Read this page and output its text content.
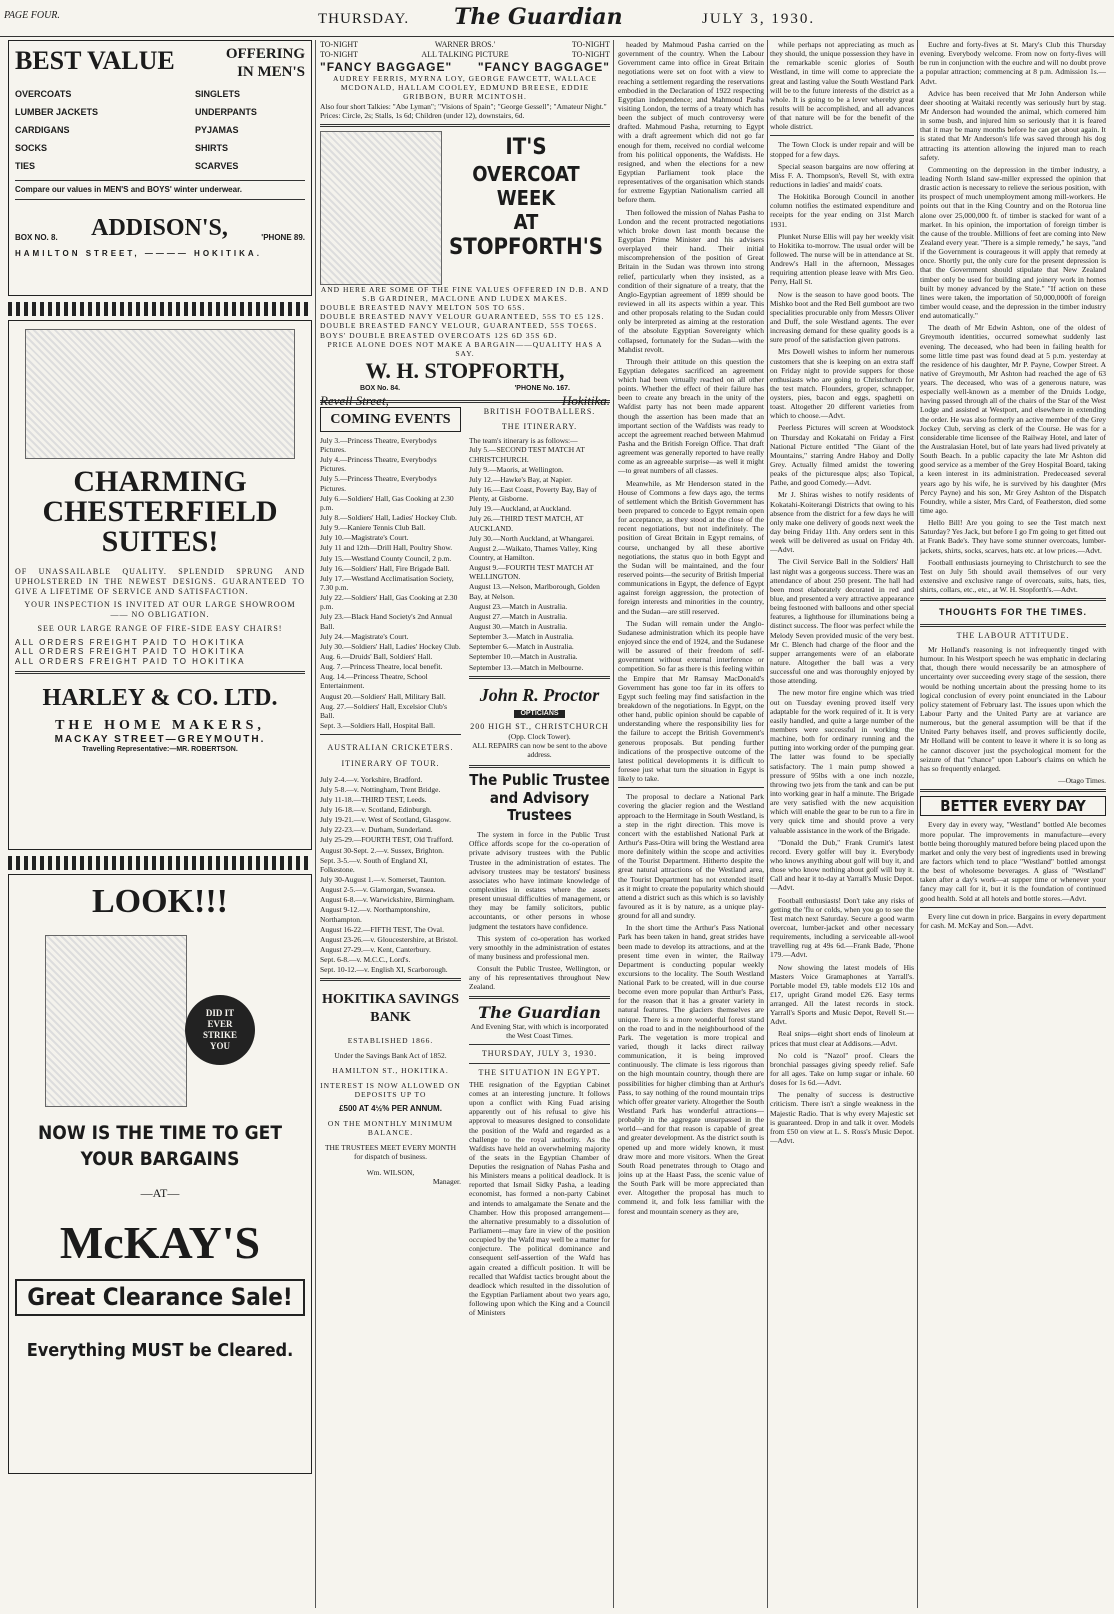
PAGE FOUR.	THURSDAY. The Guardian	JULY 3, 1930.
BEST VALUE	OFFERING IN MEN'S
OVERCOATS
LUMBER JACKETS
CARDIGANS
SOCKS
TIES
SINGLETS
UNDERPANTS
PYJAMAS
SHIRTS
SCARVES
Compare our values in MEN'S and BOYS' winter underwear.
BOX NO. 8. ADDISON'S,	'PHONE 89.
HAMILTON STREET, ———— HOKITIKA.
CHARMING
CHESTERFIELD
SUITES!

OF UNASSAILABLE QUALITY. SPLENDID SPRUNG AND UPHOLSTERED IN THE NEWEST DESIGNS. GUARANTEED TO GIVE A LIFETIME OF SERVICE AND SATISFACTION.

YOUR INSPECTION IS INVITED AT OUR LARGE SHOWROOM —— NO OBLIGATION.

SEE OUR LARGE RANGE OF FIRE-SIDE EASY CHAIRS!

ALL ORDERS FREIGHT PAID TO HOKITIKA
ALL ORDERS FREIGHT PAID TO HOKITIKA
ALL ORDERS FREIGHT PAID TO HOKITIKA
HARLEY & CO. LTD.
THE HOME MAKERS,
MACKAY STREET—GREYMOUTH.
Travelling Representative:—MR. ROBERTSON.
LOOK!!!
DID IT EVER STRIKE YOU
NOW IS THE TIME TO GET YOUR BARGAINS
—AT—
McKAY'S
Great Clearance Sale!
Everything MUST be Cleared.
TO-NIGHT
TO-NIGHT
WARNER BROS.'
ALL TALKING PICTURE
TO-NIGHT
TO-NIGHT
"FANCY BAGGAGE" "FANCY BAGGAGE"
AUDREY FERRIS, MYRNA LOY, GEORGE FAWCETT, WALLACE MCDONALD, HALLAM COOLEY, EDMUND BREESE, EDDIE GRIBBON, BURR MCINTOSH.
Also four short Talkies: "Abe Lyman"; "Visions of Spain"; "George Gessell"; "Amateur Night."
Prices: Circle, 2s; Stalls, 1s 6d; Children (under 12), downstairs, 6d.
IT'S
OVERCOAT WEEK
AT
STOPFORTH'S
AND HERE ARE SOME OF THE FINE VALUES OFFERED IN D.B. AND S.B GARDINER, MACLONE AND LUDEX MAKES.
DOUBLE BREASTED NAVY MELTON 50S TO 65S.
DOUBLE BREASTED NAVY VELOUR GUARANTEED, 55S TO £5 12S.
DOUBLE BREASTED FANCY VELOUR, GUARANTEED, 55S TO£6S.
BOYS' DOUBLE BREASTED OVERCOATS 12S 6D 35S 6D.
PRICE ALONE DOES NOT MAKE A BARGAIN——QUALITY HAS A SAY.
W. H. STOPFORTH,
BOX No. 84.	'PHONE No. 167.
Revell Street,	Hokitika.
COMING EVENTS
July 3.—Princess Theatre, Everybodys Pictures.
July 4.—Princess Theatre, Everybodys Pictures.
July 5.—Princess Theatre, Everybodys Pictures.
July 6.—Soldiers' Hall, Gas Cooking at 2.30 p.m.
July 8.—Soldiers' Hall, Ladies' Hockey Club.
July 9.—Kaniere Tennis Club Ball.
July 10.—Magistrate's Court.
July 11 and 12th—Drill Hall, Poultry Show.
July 15.—Westland County Council, 2 p.m.
July 16.—Soldiers' Hall, Fire Brigade Ball.
July 17.—Westland Acclimatisation Society, 7.30 p.m.
July 22.—Soldiers' Hall, Gas Cooking at 2.30 p.m.
July 23.—Black Hand Society's 2nd Annual Ball.
July 24.—Magistrate's Court.
July 30.—Soldiers' Hall, Ladies' Hockey Club.
Aug. 6.—Druids' Ball, Soldiers' Hall.
Aug. 7.—Princess Theatre, local benefit.
Aug. 14.—Princess Theatre, School Entertainment.
August 20.—Soldiers' Hall, Military Ball.
Aug. 27.—Soldiers' Hall, Excelsior Club's Ball.
Sept. 3.—Soldiers Hall, Hospital Ball.
AUSTRALIAN CRICKETERS.
ITINERARY OF TOUR.
July 2-4.—v. Yorkshire, Bradford.
July 5-8.—v. Nottingham, Trent Bridge.
July 11-18.—THIRD TEST, Leeds.
July 16-18.—v. Scotland, Edinburgh.
July 19-21.—v. West of Scotland, Glasgow.
July 22-23.—v. Durham, Sunderland.
July 25-29.—FOURTH TEST, Old Trafford.
August 30-Sept. 2.—v. Sussex, Brighton.
Sept. 3-5.—v. South of England XI, Folkestone.
July 30-August 1.—v. Somerset, Taunton.
August 2-5.—v. Glamorgan, Swansea.
August 6-8.—v. Warwickshire, Birmingham.
August 9-12.—v. Northamptonshire, Northampton.
August 16-22.—FIFTH TEST, The Oval.
August 23-26.—v. Gloucestershire, at Bristol.
August 27-29.—v. Kent, Canterbury.
Sept. 6-8.—v. M.C.C., Lord's.
Sept. 10-12.—v. English XI, Scarborough.
HOKITIKA SAVINGS BANK
ESTABLISHED 1866.
Under the Savings Bank Act of 1852.
HAMILTON ST., HOKITIKA.
INTEREST IS NOW ALLOWED ON DEPOSITS UP TO
£500 AT 4½% PER ANNUM.
ON THE MONTHLY MINIMUM BALANCE.
THE TRUSTEES MEET EVERY MONTH for dispatch of business.
Wm. WILSON,
Manager.
BRITISH FOOTBALLERS.
THE ITINERARY.
The team's itinerary is as follows:—
July 5.—SECOND TEST MATCH AT CHRISTCHURCH.
July 9.—Maoris, at Wellington.
July 12.—Hawke's Bay, at Napier.
July 16.—East Coast, Poverty Bay, Bay of Plenty, at Gisborne.
July 19.—Auckland, at Auckland.
July 26.—THIRD TEST MATCH, AT AUCKLAND.
July 30.—North Auckland, at Whangarei.
August 2.—Waikato, Thames Valley, King Country, at Hamilton.
August 9.—FOURTH TEST MATCH AT WELLINGTON.
August 13.—Nelson, Marlborough, Golden Bay, at Nelson.
August 23.—Match in Australia.
August 27.—Match in Australia.
August 30.—Match in Australia.
September 3.—Match in Australia.
September 6.—Match in Australia.
September 10.—Match in Australia.
September 13.—Match in Melbourne.
John R. Proctor
OPTICIANS
200 HIGH ST., CHRISTCHURCH
(Opp. Clock Tower).
ALL REPAIRS can now be sent to the above address.
The Public Trustee and Advisory Trustees

The system in force in the Public Trust Office affords scope for the co-operation of private advisory trustees with the Public Trustee in the administration of estates. The advisory trustees may be testators' business associates who have intimate knowledge of complexities in estates where the assets present unusual difficulties of management, or they may be family solicitors, public accountants, or other persons in whose judgment the testators have confidence.

This system of co-operation has worked very smoothly in the administration of estates of many business and professional men.

Consult the Public Trustee, Wellington, or any of his representatives throughout New Zealand.

The Guardian
And Evening Star, with which is incorporated the West Coast Times.
THURSDAY, JULY 3, 1930.
THE SITUATION IN EGYPT.

THE resignation of the Egyptian Cabinet comes at an interesting juncture. It follows upon a conflict with King Fuad arising apparently out of his refusal to give his approval to measures designed to consolidate the position of the Wafd and regarded as a challenge to the royal authority. As the Wafdists have held an overwhelming majority of the seats in the Egyptian Chamber of Deputies the resignation of Nahas Pasha and his Ministers means a political deadlock. It is reported that Ismail Sidky Pasha, a leading economist, has formed a non-party Cabinet and intends to amalgamate the Senate and the Chamber. How this proposed arrangement—the alternative presumably to a dissolution of Parliament—may fare in view of the position occupied by the Wafd may well be a matter for conjecture. The political dominance and consequent self-assertion of the Wafd has again created a difficult position. It will be recalled that Wafdist tactics brought about the deadlock which resulted in the dissolution of the Egyptian Parliament about two years ago, following upon which the King and a Council of Ministers

headed by Mahmoud Pasha carried on the government of the country. When the Labour Government came into office in Great Britain negotiations were set on foot with a view to reaching a settlement regarding the reservations embodied in the Declaration of 1922 respecting Egyptian independence; and Mahmoud Pasha visiting London, the terms of a treaty which has been the subject of much controversy were drafted. Mahmoud Pasha, returning to Egypt with a draft agreement which did not go far enough for them, received no cordial welcome from his political opponents, the Wafdists. He resigned, and when the elections for a new Egyptian Parliament took place the representatives of the organisation which stands for extreme Egyptian Nationalism carried all before them.

Then followed the mission of Nahas Pasha to London and the recent protracted negotiations which broke down last month because the Egyptian Prime Minister and his advisers overplayed their hand. Their initial miscomprehension of the position of Great Britain in the Sudan was thrown into strong relief, particularly when they insisted, as a condition of their signature of a treaty, that the Anglo-Egyptian agreement of 1899 should be reviewed in all its aspects within a year. This and other proposals relating to the Sudan could only be interpreted as aiming at the restoration of the absolute Egyptian Sovereignty which collapsed, fortunately for the Sudan—with the Mahdist revolt.

Through their attitude on this question the Egyptian delegates sacrificed an agreement which had been virtually reached on all other points. Whether the effect of their failure has been to create any breach in the unity of the Wafdist party has not been made apparent though the assertion has been made that an important section of the Wafdists was ready to accept the agreement reached between Mahmud Pasha and the British Foreign Office. That draft agreement was generally reported to have really come as an agreeable surprise—as well it might—to great numbers of all classes.

Meanwhile, as Mr Henderson stated in the House of Commons a few days ago, the terms of settlement which the British Government has been prepared to concede to Egypt remain open for acceptance, as they stood at the close of the recent negotiations, but not indefinitely. The position of Great Britain in Egypt remains, of course, unchanged by all these abortive negotiations, the status quo in both Egypt and the Sudan will be maintained, and the four reserved points—the security of British Imperial communications in Egypt, the defence of Egypt against foreign aggression, the protection of foreign interests and minorities in the country, and the Sudan—are still reserved.

The Sudan will remain under the Anglo-Sudanese administration which its people have enjoyed since the end of 1924, and the Sudanese will be assured of their freedom of self-government without external interference or competition. So far as there is this feeling within the Empire that Mr Ramsay MacDonald's Government has gone too far in its offers to Egypt such feeling may find satisfaction in the breakdown of the negotiations. In Egypt, on the other hand, public opinion should be capable of understanding where the responsibility lies for the failure to accept the British Government's generous proposals. But pending further indications of the prospective outcome of the latest political developments it is difficult to foresee just what turn the situation in Egypt is likely to take.

The proposal to declare a National Park covering the glacier region and the Westland approach to the Hermitage in South Westland, is a step in the right direction. This move is concert with the established National Park at Arthur's Pass-Otira will bring the Westland area more definitely within the scope and activities of the Tourist Department. Hitherto despite the great natural attractions of the Westland area, the Tourist Department has not extended itself as it might to create the popularity which should attend a district such as this which is so lavishly favoured as it is by nature, as a unique play-ground for all and sundry.

In the short time the Arthur's Pass National Park has been taken in hand, great strides have been made to develop its attractions, and at the present time even in winter, the Railway Department is conducting popular weekly excursions to the locality. The South Westland National Park to be created, will in due course become even more popular than Arthur's Pass, for the reason that it has a greater variety in natural features. The glaciers themselves are unique. There is a more wonderful forest stand on the road to and in the neighbourhood of the Park. The vegetation is more tropical and varied, though it lacks direct railway communication, it is being improved continuously. The climate is less rigorous than on the high mountain country, though there are possibilities for higher climbing than at Arthur's Pass, to say nothing of the round mountain trips which offer greater variety. Altogether the South Westland Park has wonderful attractions—probably in the aggregate unsurpassed in the world—and for that reason is capable of great and greater development. As the district south is opened up and more widely known, it must draw more and more visitors. When the Great South Road penetrates through to Otago and joins up at the Haast Pass, the scenic value of the South Park will be more appreciated than ever. Altogether the proposal has much to commend it, and folk less familiar with the forest and mountain scenery as they are,

while perhaps not appreciating as much as they should, the unique possession they have in the remarkable scenic glories of South Westland, in time will come to appreciate the great and lasting value the South Westland Park will be to the future interests of the district as a whole. It is going to be a lever whereby great results will be accomplished, and all advances of that nature will be for the benefit of the whole district.

The Town Clock is under repair and will be stopped for a few days.

Special season bargains are now offering at Miss F. A. Thompson's, Revell St, with extra reductions in ladies' and maids' coats.

The Hokitika Borough Council in another column notifies the estimated expenditure and receipts for the year ending on 31st March 1931.

Plunket Nurse Ellis will pay her weekly visit to Hokitika to-morrow. The usual order will be followed. The nurse will be in attendance at St. Andrew's Hall in the afternoon, Messages requiring attention please leave with Mrs Geo. Perry, Hall St.

Now is the season to have good boots. The Mishko boot and the Red Bell gumboot are two specialities procurable only from Messrs Oliver and Duff, the sole Westland agents. The ever increasing demand for these quality goods is a sure proof of the satisfaction given patrons.

Mrs Dowell wishes to inform her numerous customers that she is keeping on an extra staff on Friday night to provide suppers for those enthusiasts who are going to Christchurch for the test match. Flounders, groper, schnapper, oysters, pies, bacon and eggs, spaghetti on toast. Altogether 20 different varieties from which to choose.—Advt.

Peerless Pictures will screen at Woodstock on Thursday and Kokatahi on Friday a First National Picture entitled "The Giant of the Mountains," starring Andre Haboy and Dolly Grey. Actually filmed amidst the towering peaks of the picturesque alps; also Topical, Pathe, and good Comedy.—Advt.

Mr J. Shiras wishes to notify residents of Kokatahi-Koiterangi Districts that owing to his absence from the district for a few days he will only make one delivery of goods next week the day being Friday 11th. Any orders sent in this week will be delivered as usual on Friday 4th.—Advt.

The Civil Service Ball in the Soldiers' Hall last night was a gorgeous success. There was an attendance of about 250 present. The hall had been most elaborately decorated in red and blue, and presented a very attractive appearance being festooned with balloons and other special features, a lighthouse for illuminations being a distinct success. The floor was perfect while the Melody Seven provided music of the very best. Mr C. Blench had charge of the floor and the supper arrangements were of an elaborate nature. Altogether the ball was a very successful one and was thoroughly enjoyed by those attending.

The new motor fire engine which was tried out on Tuesday evening proved itself very adaptable for the work required of it. It is very easily handled, and quite a large number of the members were successful in working the machine, both for ordinary running and the putting into working order of the pumping gear. The latter was found to be specially satisfactory. The 1 main pump showed a pressure of 95lbs with a one inch nozzle, throwing two jets from the tank and can be put into working gear in half a minute. The Brigade are very satisfied with the new acquisition which will enable the gear to be run to a fire in very quick time and should prove a very valuable assistance in the work of the Brigade.

"Donald the Dub," Frank Crumit's latest record. Every golfer will buy it. Everybody who knows anything about golf will buy it, and those who know nothing about golf will buy it. Call and hear it to-day at Yarrall's Music Depot.—Advt.

Football enthusiasts! Don't take any risks of getting the 'flu or colds, when you go to see the Test match next Saturday. Secure a good warm overcoat, lumber-jacket and other necessary requirements, including a serviceable all-wool travelling rug at 49s 6d.—Frank Bade, 'Phone 179.—Advt.

Now showing the latest models of His Masters Voice Gramaphones at Yarrall's. Portable model £9, table models £12 10s and £17, upright Grand model £26. Easy terms arranged. All the latest records in stock. Yarrall's Sports and Music Depot, Revell St.—Advt.

Real snips—eight short ends of linoleum at prices that must clear at Addisons.—Advt.

No cold is "Nazol" proof. Clears the bronchial passages giving speedy relief. Safe for all ages. Take on lump sugar or inhale. 60 doses for 1s 6d.—Advt.

The penalty of success is destructive criticism. There isn't a single weakness in the Majestic Radio. That is why every Majestic set is guaranteed. Drop in and talk it over. Models from £50 on view at L. S. Ross's Music Depot.—Advt.

Euchre and forty-fives at St. Mary's Club this Thursday evening. Everybody welcome. From now on forty-fives will be run in conjunction with the euchre and will no doubt prove a popular attraction; commencing at 8 p.m. Admission 1s.—Advt.

Advice has been received that Mr John Anderson while deer shooting at Waitaki recently was seriously hurt by stag. Mr Anderson had wounded the animal, which cornered him in some bush, and injured him so seriously that it is feared that it may be many months before he can get about again. It is stated that Mr Anderson's life was saved through his dog attracting its attention allowing the injured man to reach safety.

Commenting on the depression in the timber industry, a leading North Island saw-miller expressed the opinion that drastic action is necessary to relieve the serious position, with its prospect of much unemployment among mill-workers. He points out that in the King Country and on the Rotorua line alone over 25,000,000 ft. of timber is stacked for want of a market. In his opinion, the importation of foreign timber is the cause of the trouble. Millions of feet are coming into New Zealand every year. "There is a simple remedy," he says, "and if the Government is courageous it will apply that remedy at once. Shortly put, the only cure for the present depression is that the Government should stipulate that New Zealand timber only be used for building and joinery work in homes built by money advanced by the State." "If action on these lines were taken, the importation of 50,000,000ft of foreign timber would cease, and the depression in the timber industry end automatically."

The death of Mr Edwin Ashton, one of the oldest of Greymouth identities, occurred somewhat suddenly last evening. The deceased, who had been in failing health for some little time past was found dead at 5 p.m. yesterday at the residence of his daughter, Mr P. Payne, Cowper Street. A native of Greymouth, Mr Ashton had reached the age of 63 years. The deceased, who was of a generous nature, was especially well-known as a member of the Druids Lodge, having passed through all of the chairs of the Star of the West Lodge and assisted at Westport, and elsewhere in extending the order. He was also formerly an active member of the Grey Jockey Club, serving as clerk of the Course. He was for a considerable time licensee of the Railway Hotel, and later of the Australasian Hotel, but of late years had lived privately at South Beach. In a public capacity the late Mr Ashton did good service as a member of the Grey Hospital Board, taking a keen interest in its administration. Predeceased several years ago by his wife, he is survived by his daughter (Mrs Percy Payne) and his son, Mr Grey Ashton of the Dispatch Foundry, while a sister, Mrs Card, of Featherston, died some time ago.

Hello Bill! Are you going to see the Test match next Saturday? Yes Jack, but before I go I'm going to get fitted out at Frank Bade's. They have some stunner overcoats, lumber-jackets, shirts, socks, scarves, hats etc. at low prices.—Advt.

Football enthusiasts journeying to Christchurch to see the Test on July 5th should avail themselves of our very extensive and exclusive range of overcoats, suits, hats, ties, shirts, collars, etc., etc., at W. H. Stopforth's.—Advt.

THOUGHTS FOR THE TIMES.
THE LABOUR ATTITUDE.

Mr Holland's reasoning is not infrequently tinged with humour. In his Westport speech he was emphatic in declaring that, though there would necessarily be an atmosphere of uncertainty over succeeding every stage of the session, there would be nothing uncertain about the pressing home to its logical conclusion of every point enunciated in the Labour policy statement of February last. The issues upon which the Labour Party and the United Party are at variance are numerous, but the general assumption will be that if the United Party behaves itself, and proves sufficiently docile, Mr Holland will be content to leave it where it is so long as he cannot discover just the psychological moment for the seizure of that "chance" upon Labour's claims on which he has so frequently enlarged.

—Otago Times.
BETTER EVERY DAY

Every day in every way, "Westland" bottled Ale becomes more popular. The improvements in manufacture—every bottle being thoroughly matured before being placed upon the market and only the very best of ingredients used in brewing are factors which tend to place "Westland" bottled amongst the best of wholesome beverages. A glass of "Westland" taken after a day's work—at supper time or whenever your fancy may call for it, but it is the foundation of continued good health. Sold at all hotels and bottle stores.—Advt.

Every line cut down in price. Bargains in every department for cash. M. McKay and Son.—Advt.
